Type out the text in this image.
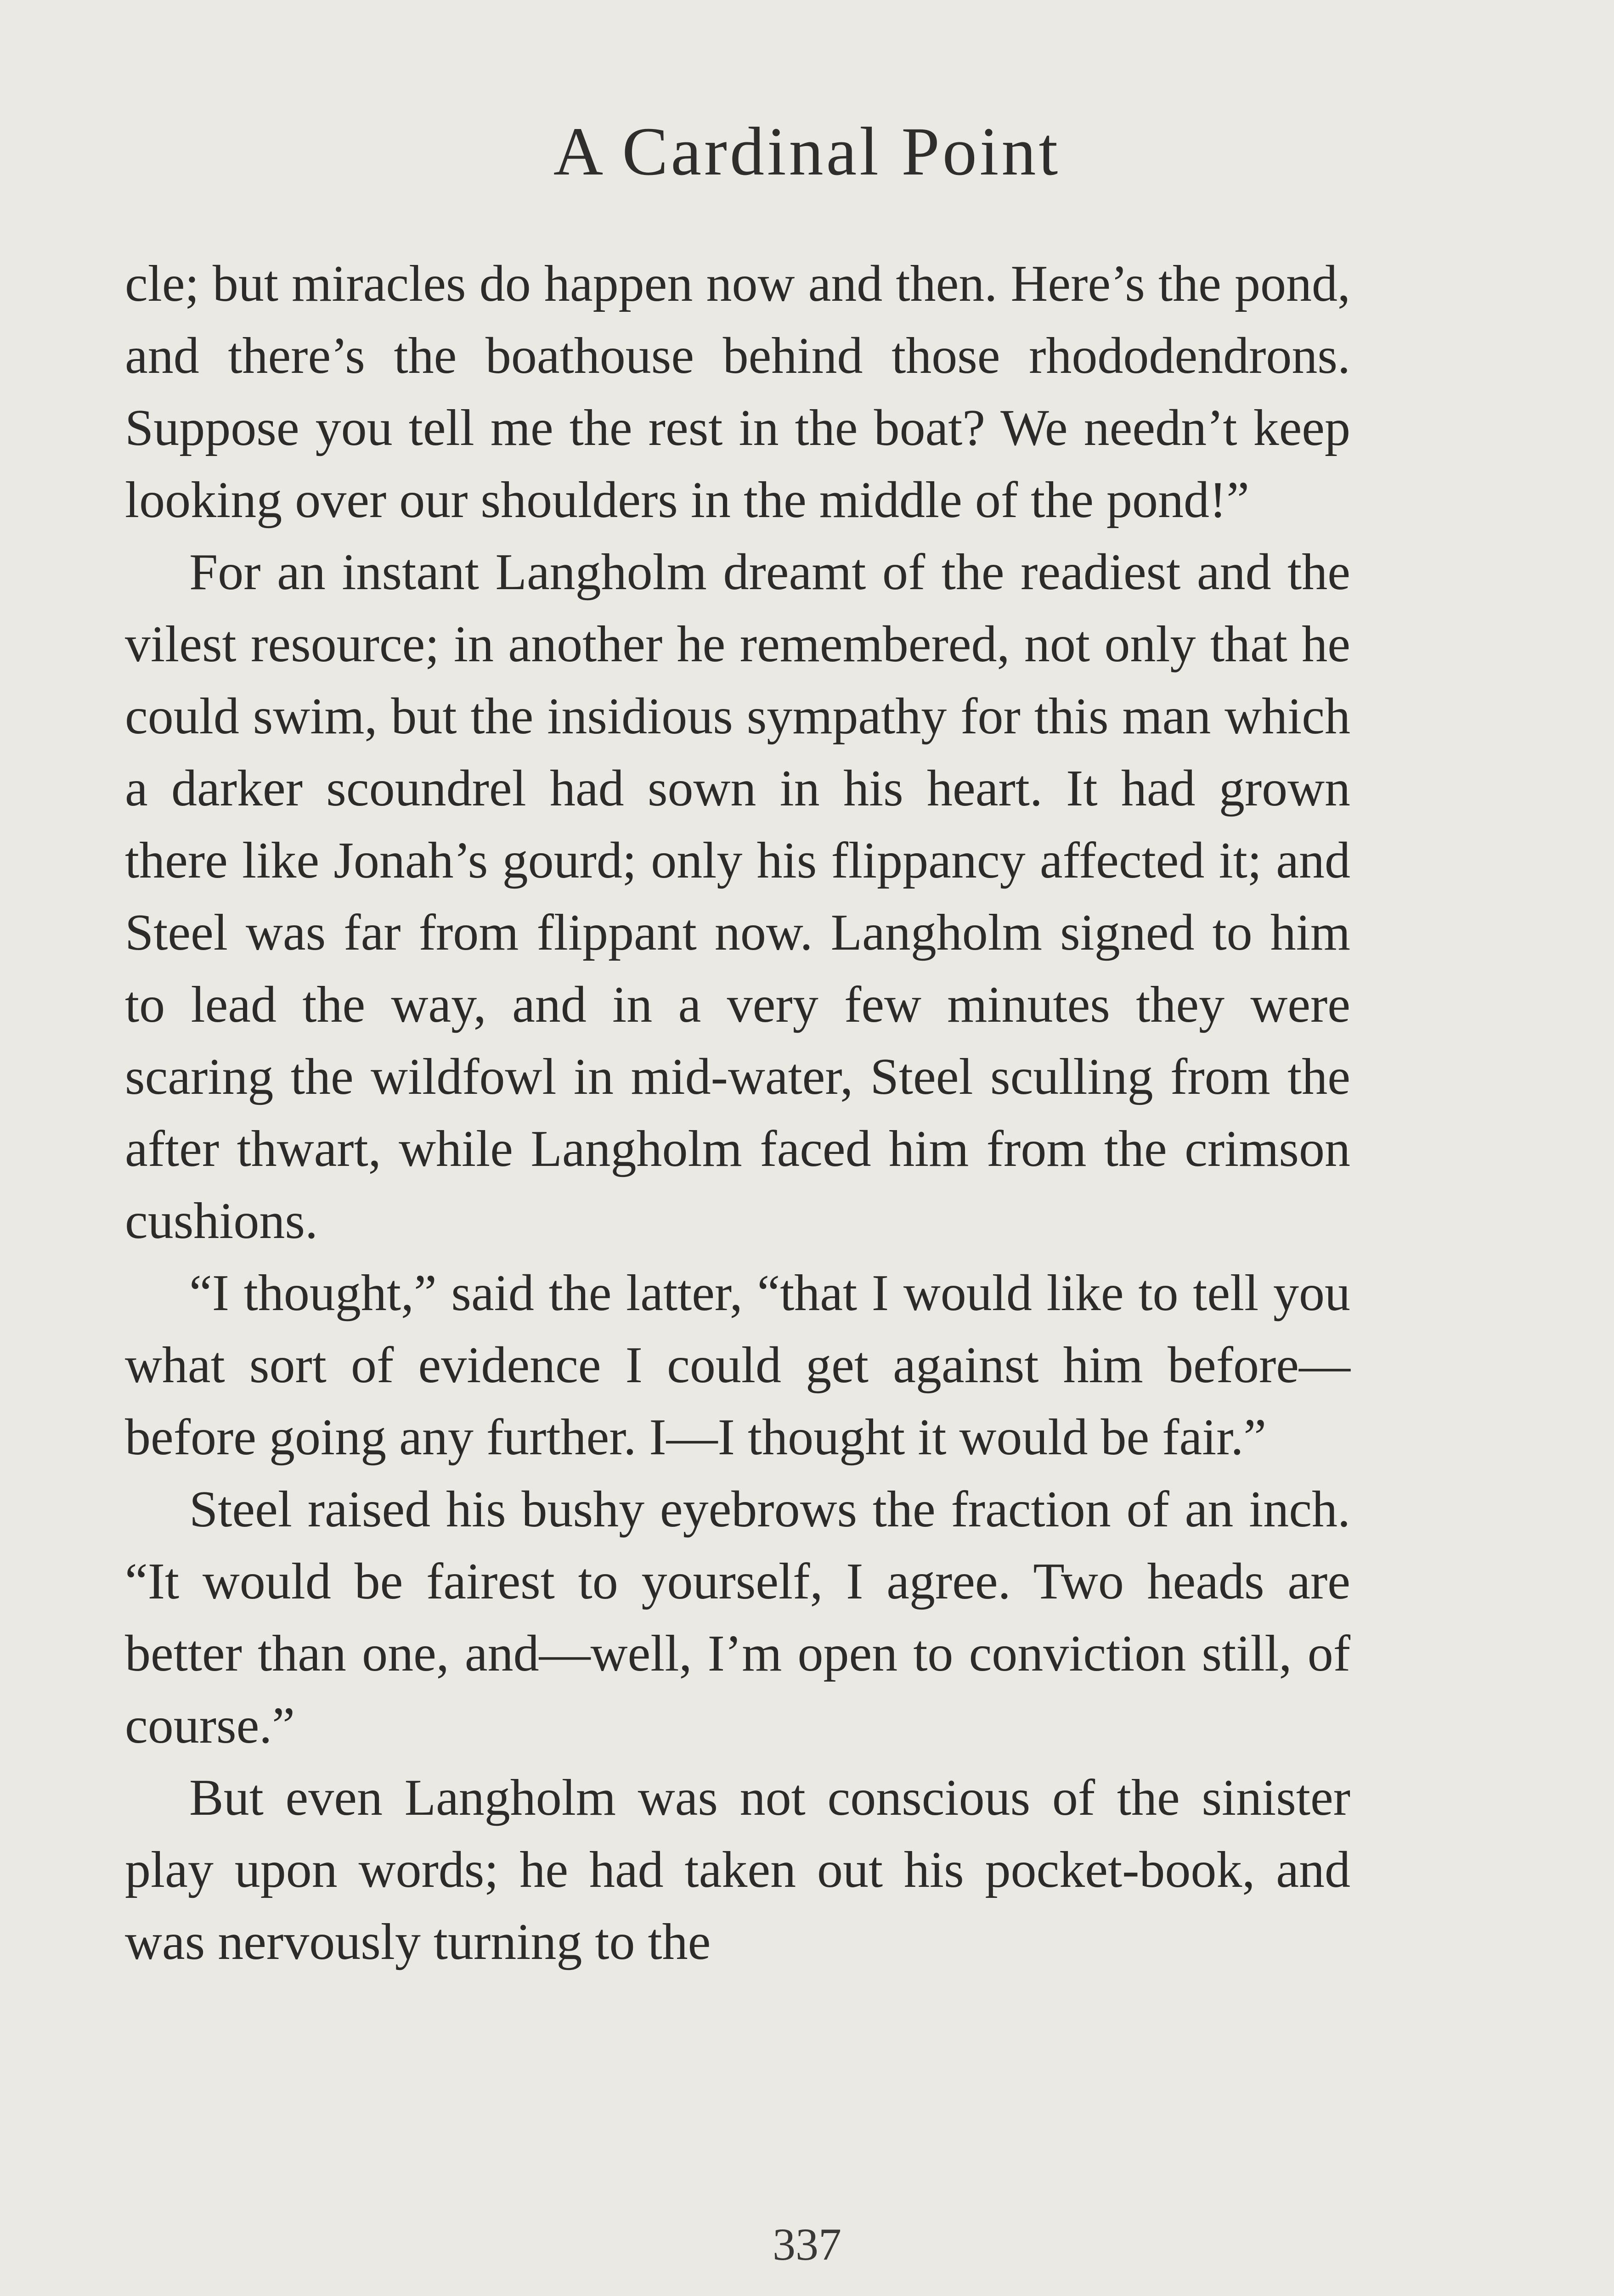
A Cardinal Point

cle; but miracles do happen now and then. Here’s the pond, and there’s the boathouse behind those rhododendrons. Suppose you tell me the rest in the boat? We needn’t keep looking over our shoulders in the middle of the pond!”

For an instant Langholm dreamt of the readiest and the vilest resource; in another he remembered, not only that he could swim, but the insidious sympathy for this man which a darker scoundrel had sown in his heart. It had grown there like Jonah’s gourd; only his flippancy affected it; and Steel was far from flippant now. Langholm signed to him to lead the way, and in a very few minutes they were scaring the wildfowl in mid-water, Steel sculling from the after thwart, while Langholm faced him from the crimson cushions.

“I thought,” said the latter, “that I would like to tell you what sort of evidence I could get against him before—before going any further. I—I thought it would be fair.”

Steel raised his bushy eyebrows the fraction of an inch. “It would be fairest to yourself, I agree. Two heads are better than one, and—well, I’m open to conviction still, of course.”

But even Langholm was not conscious of the sinister play upon words; he had taken out his pocket-book, and was nervously turning to the

337
